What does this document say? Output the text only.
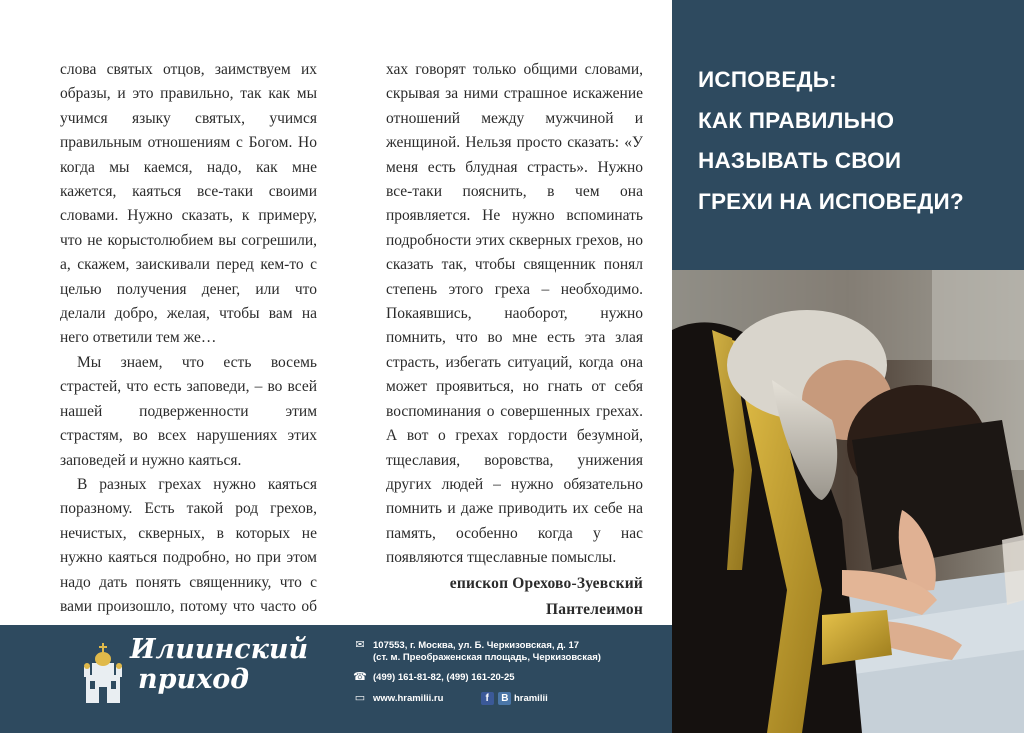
слова святых отцов, заимствуем их образы, и это правильно, так как мы учимся языку святых, учимся правильным отношениям с Богом. Но когда мы каемся, надо, как мне кажется, каяться все-таки своими словами. Нужно сказать, к примеру, что не корыстолюбием вы согрешили, а, скажем, заискивали перед кем-то с целью получения денег, или что делали добро, желая, чтобы вам на него ответили тем же…

Мы знаем, что есть восемь страстей, что есть заповеди, – во всей нашей подверженности этим страстям, во всех нарушениях этих заповедей и нужно каяться.

В разных грехах нужно каяться поразному. Есть такой род грехов, нечистых, скверных, в которых не нужно каяться подробно, но при этом надо дать понять священнику, что с вами произошло, потому что часто об

хах говорят только общими словами, скрывая за ними страшное искажение отношений между мужчиной и женщиной. Нельзя просто сказать: «У меня есть блудная страсть». Нужно все-таки пояснить, в чем она проявляется. Не нужно вспоминать подробности этих скверных грехов, но сказать так, чтобы священник понял степень этого греха – необходимо. Покаявшись, наоборот, нужно помнить, что во мне есть эта злая страсть, избегать ситуаций, когда она может проявиться, но гнать от себя воспоминания о совершенных грехах. А вот о грехах гордости безумной, тщеславия, воровства, унижения других людей – нужно обязательно помнить и даже приводить их себе на память, особенно когда у нас появляются тщеславные помыслы.

епископ Орехово-Зуевский
Пантелеимон
ИСПОВЕДЬ:
КАК ПРАВИЛЬНО
НАЗЫВАТЬ СВОИ
ГРЕХИ НА ИСПОВЕДИ?
Илиинский
приход
✉ 107553, г. Москва, ул. Б. Черкизовская, д. 17
(ст. м. Преображенская площадь, Черкизовская)
☎ (499) 161-81-82, (499) 161-20-25
▭ www.hramilii.ru	f B hramilii
